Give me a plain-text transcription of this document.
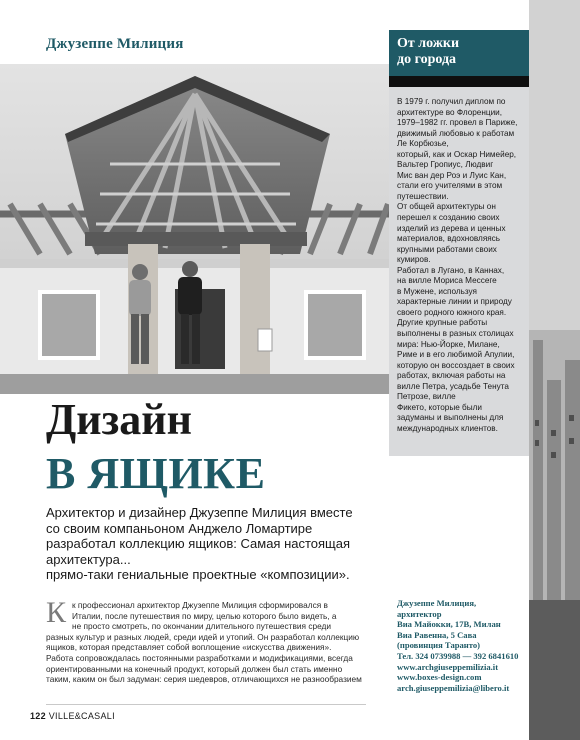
Джузеппе Милиция
Дизайн
В ЯЩИКЕ
Архитектор и дизайнер Джузеппе Милиция вместе
со своим компаньоном Анджело Ломартире
разработал коллекцию ящиков: Самая настоящая
архитектура...
прямо-таки гениальные проектные «композиции».
К к профессионал архитектор Джузеппе Милиция сформировался в
Италии, после путешествия по миру, целью которого было видеть, а
не просто смотреть, по окончании длительного путешествия среди
разных культур и разных людей, среди идей и утопий. Он разработал коллекцию
ящиков, которая представляет собой воплощение «искусства движения».
Работа сопровождалась постоянными разработками и модификациями, всегда
ориентированными на конечный продукт, который должен был стать именно
таким, каким он был задуман: серия шедевров, отличающихся не разнообразием
122 VILLE&CASALI
От ложки
до города
В 1979 г. получил диплом по
архитектуре во Флоренции,
1979–1982 гг. провел в Париже,
движимый любовью к работам
Ле Корбюзье,
который, как и Оскар Нимейер,
Вальтер Гропиус, Людвиг
Мис ван дер Роэ и Луис Кан,
стали его учителями в этом
путешествии.
От общей архитектуры он
перешел к созданию своих
изделий из дерева и ценных
материалов, вдохновляясь
крупными работами своих
кумиров.
Работал в Лугано, в Каннах,
на вилле Мориса Мессеге
в Мужене, используя
характерные линии и природу
своего родного южного края.
Другие крупные работы
выполнены в разных столицах
мира: Нью-Йорке, Милане,
Риме и в его любимой Апулии,
которую он воссоздает в своих
работах, включая работы на
вилле Петра, усадьбе Тенута
Петрозе, вилле
Фикето, которые были
задуманы и выполнены для
международных клиентов.
Джузеппе Милиция,
архитектор
Виа Майокки, 17В, Милан
Виа Равенна, 5 Сава
(провинция Таранто)
Тел. 324 0739988 — 392 6841610
www.archgiuseppemilizia.it
www.boxes-design.com
arch.giuseppemilizia@libero.it
